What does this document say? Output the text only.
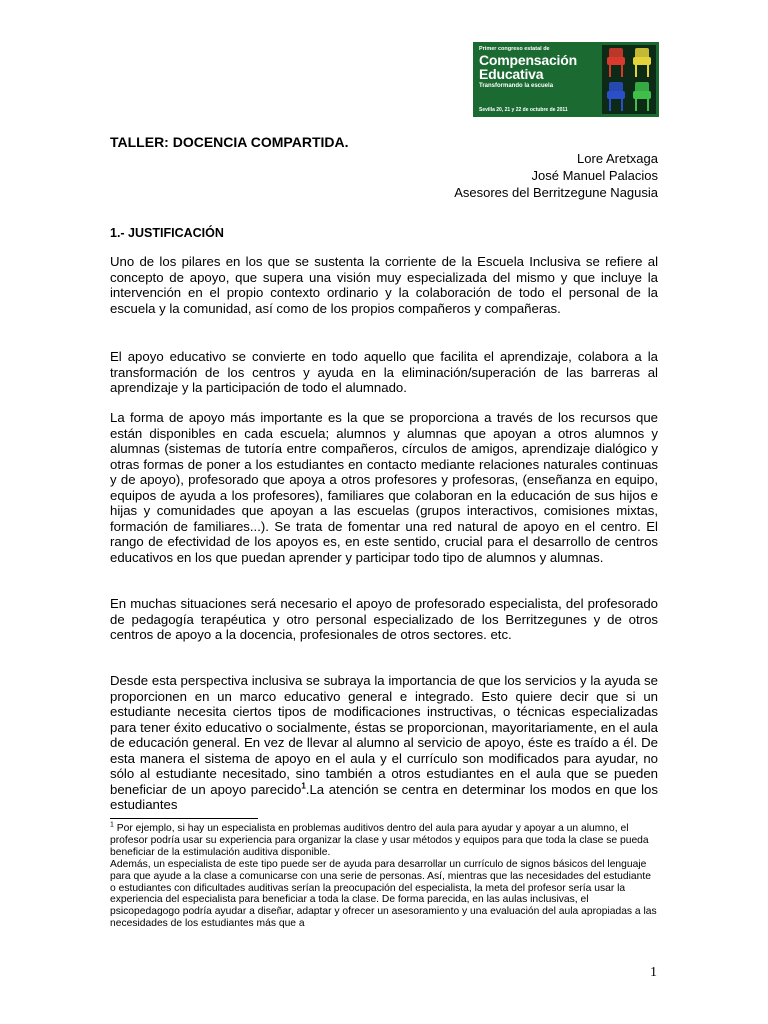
Primer congreso estatal de
Compensación
Educativa
Transformando la escuela
Sevilla 20, 21 y 22 de octubre de 2011
TALLER: DOCENCIA COMPARTIDA.
Lore Aretxaga
José Manuel Palacios
Asesores del Berritzegune Nagusia
1.- JUSTIFICACIÓN
Uno de los pilares en los que se sustenta la corriente de la Escuela Inclusiva se refiere al concepto de apoyo, que supera una visión muy especializada del mismo y que incluye la intervención en el propio contexto ordinario y la colaboración de todo el personal de la escuela y la comunidad, así como de los propios compañeros y compañeras.
El apoyo educativo se convierte en todo aquello que facilita el aprendizaje, colabora a la transformación de los centros y ayuda en la eliminación/superación de las barreras al aprendizaje y la participación de todo el alumnado.
La forma de apoyo más importante es la que se proporciona a través de los recursos que están disponibles en cada escuela; alumnos y alumnas que apoyan a otros alumnos y alumnas (sistemas de tutoría entre compañeros, círculos de amigos, aprendizaje dialógico y otras formas de poner a los estudiantes en contacto mediante relaciones naturales continuas y de apoyo), profesorado que apoya a otros profesores y profesoras, (enseñanza en equipo, equipos de ayuda a los profesores), familiares que colaboran en la educación de sus hijos e hijas y comunidades que apoyan a las escuelas (grupos interactivos, comisiones mixtas, formación de familiares...). Se trata de fomentar una red natural de apoyo en el centro. El rango de efectividad de los apoyos es, en este sentido, crucial para el desarrollo de centros educativos en los que puedan aprender y participar todo tipo de alumnos y alumnas.
En muchas situaciones será necesario el apoyo de profesorado especialista, del profesorado de pedagogía terapéutica y otro personal especializado de los Berritzegunes y de otros centros de apoyo a la docencia, profesionales de otros sectores. etc.
Desde esta perspectiva inclusiva se subraya la importancia de que los servicios y la ayuda se proporcionen en un marco educativo general e integrado. Esto quiere decir que si un estudiante necesita ciertos tipos de modificaciones instructivas, o técnicas especializadas para tener éxito educativo o socialmente, éstas se proporcionan, mayoritariamente, en el aula de educación general. En vez de llevar al alumno al servicio de apoyo, éste es traído a él. De esta manera el sistema de apoyo en el aula y el currículo son modificados para ayudar, no sólo al estudiante necesitado, sino también a otros estudiantes en el aula que se pueden beneficiar de un apoyo parecido$^1$.La atención se centra en determinar los modos en que los estudiantes

$^1$ Por ejemplo, si hay un especialista en problemas auditivos dentro del aula para ayudar y apoyar a un alumno, el profesor podría usar su experiencia para organizar la clase y usar métodos y equipos para que toda la clase se pueda beneficiar de la estimulación auditiva disponible.

Además, un especialista de este tipo puede ser de ayuda para desarrollar un currículo de signos básicos del lenguaje para que ayude a la clase a comunicarse con una serie de personas. Así, mientras que las necesidades del estudiante o estudiantes con dificultades auditivas serían la preocupación del especialista, la meta del profesor sería usar la experiencia del especialista para beneficiar a toda la clase. De forma parecida, en las aulas inclusivas, el psicopedagogo podría ayudar a diseñar, adaptar y ofrecer un asesoramiento y una evaluación del aula apropiadas a las necesidades de los estudiantes más que a

1
